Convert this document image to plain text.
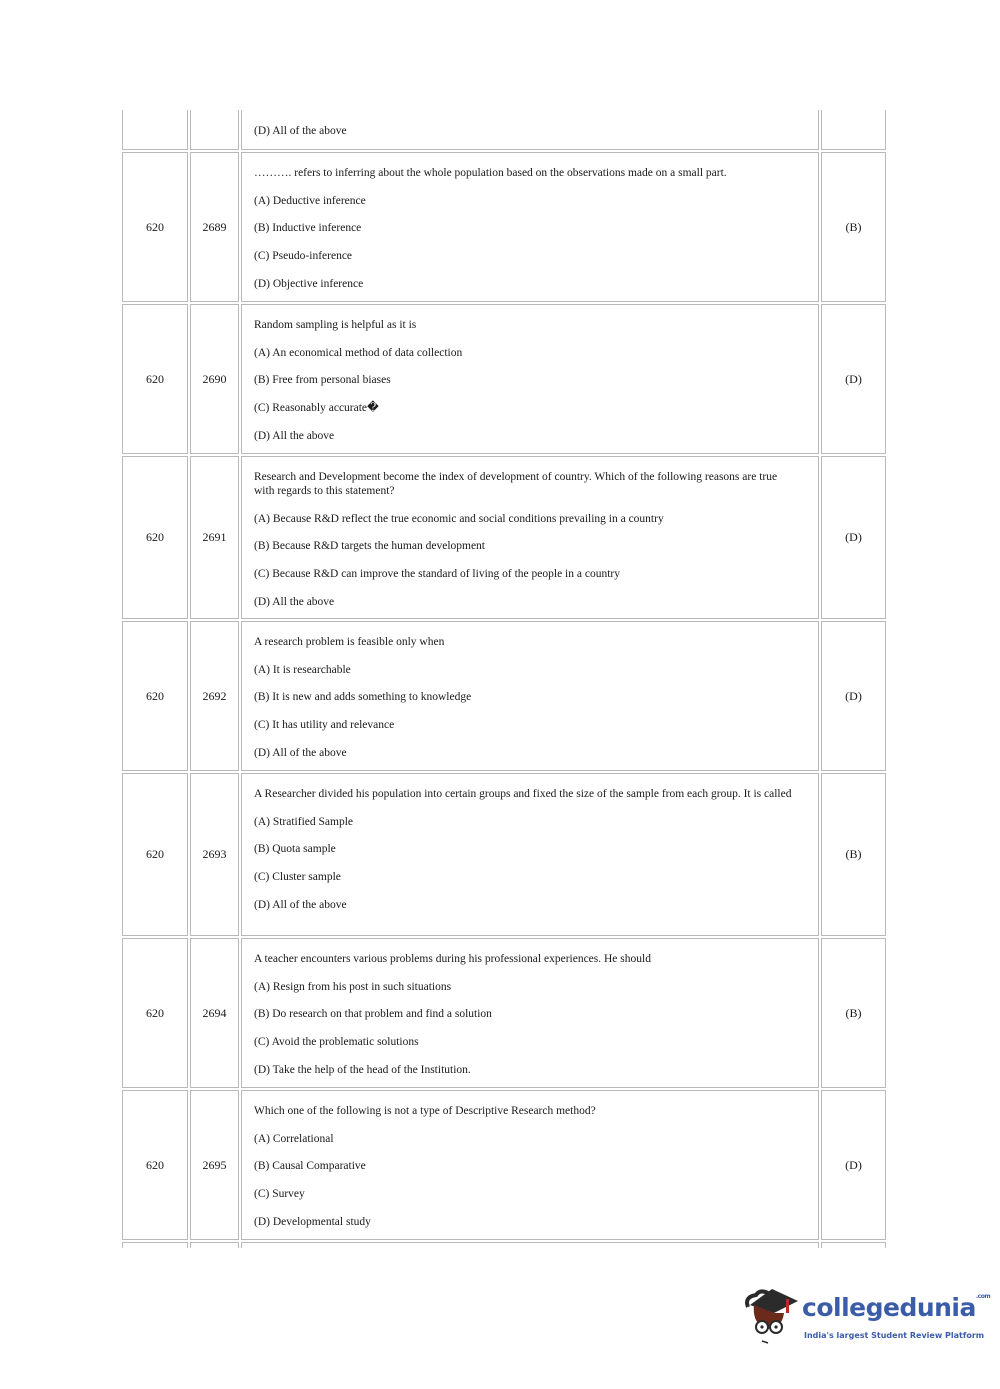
(D) All of the above

620	2689

………. refers to inferring about the whole population based on the observations made on a small part.

(A) Deductive inference

(B) Inductive inference

(C) Pseudo-inference

(D) Objective inference

(B)
620	2690

Random sampling is helpful as it is

(A) An economical method of data collection

(B) Free from personal biases

(C) Reasonably accurate�

(D) All the above

(D)
620	2691

Research and Development become the index of development of country. Which of the following reasons are true with regards to this statement?

(A) Because R&D reflect the true economic and social conditions prevailing in a country

(B) Because R&D targets the human development

(C) Because R&D can improve the standard of living of the people in a country

(D) All the above

(D)
620	2692

A research problem is feasible only when

(A) It is researchable

(B) It is new and adds something to knowledge

(C) It has utility and relevance

(D) All of the above

(D)
620	2693

A Researcher divided his population into certain groups and fixed the size of the sample from each group. It is called

(A) Stratified Sample

(B) Quota sample

(C) Cluster sample

(D) All of the above

(B)
620	2694

A teacher encounters various problems during his professional experiences. He should

(A) Resign from his post in such situations

(B) Do research on that problem and find a solution

(C) Avoid the problematic solutions

(D) Take the help of the head of the Institution.

(B)
620	2695

Which one of the following is not a type of Descriptive Research method?

(A) Correlational

(B) Causal Comparative

(C) Survey

(D) Developmental study

(D)
collegedunia$^{.com}$
India's largest Student Review Platform
